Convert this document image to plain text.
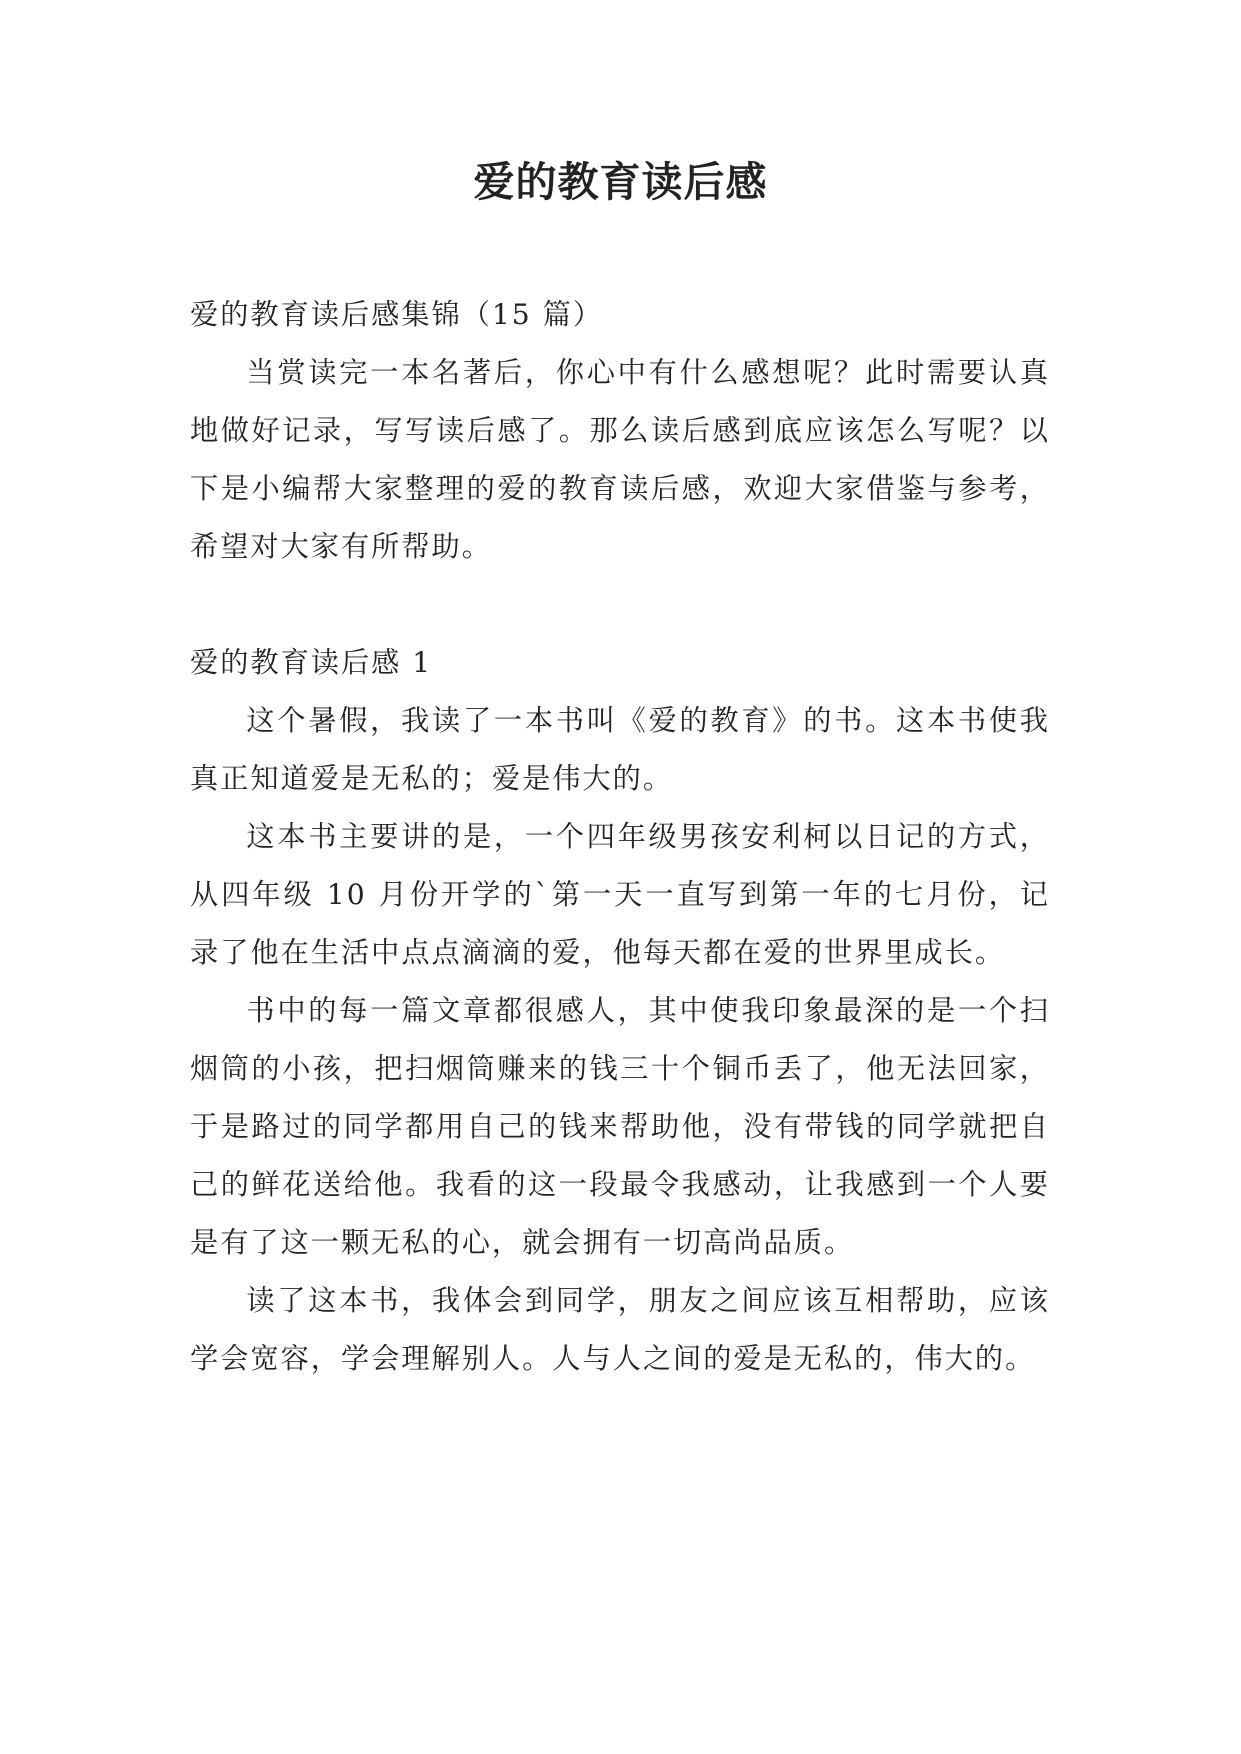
爱的教育读后感

爱的教育读后感集锦（15 篇）

当赏读完一本名著后，你心中有什么感想呢？此时需要认真地做好记录，写写读后感了。那么读后感到底应该怎么写呢？以下是小编帮大家整理的爱的教育读后感，欢迎大家借鉴与参考，希望对大家有所帮助。

爱的教育读后感 1

这个暑假，我读了一本书叫《爱的教育》的书。这本书使我真正知道爱是无私的；爱是伟大的。

这本书主要讲的是，一个四年级男孩安利柯以日记的方式，从四年级 10 月份开学的`第一天一直写到第一年的七月份，记录了他在生活中点点滴滴的爱，他每天都在爱的世界里成长。

书中的每一篇文章都很感人，其中使我印象最深的是一个扫烟筒的小孩，把扫烟筒赚来的钱三十个铜币丢了，他无法回家，于是路过的同学都用自己的钱来帮助他，没有带钱的同学就把自己的鲜花送给他。我看的这一段最令我感动，让我感到一个人要是有了这一颗无私的心，就会拥有一切高尚品质。

读了这本书，我体会到同学，朋友之间应该互相帮助，应该学会宽容，学会理解别人。人与人之间的爱是无私的，伟大的。
